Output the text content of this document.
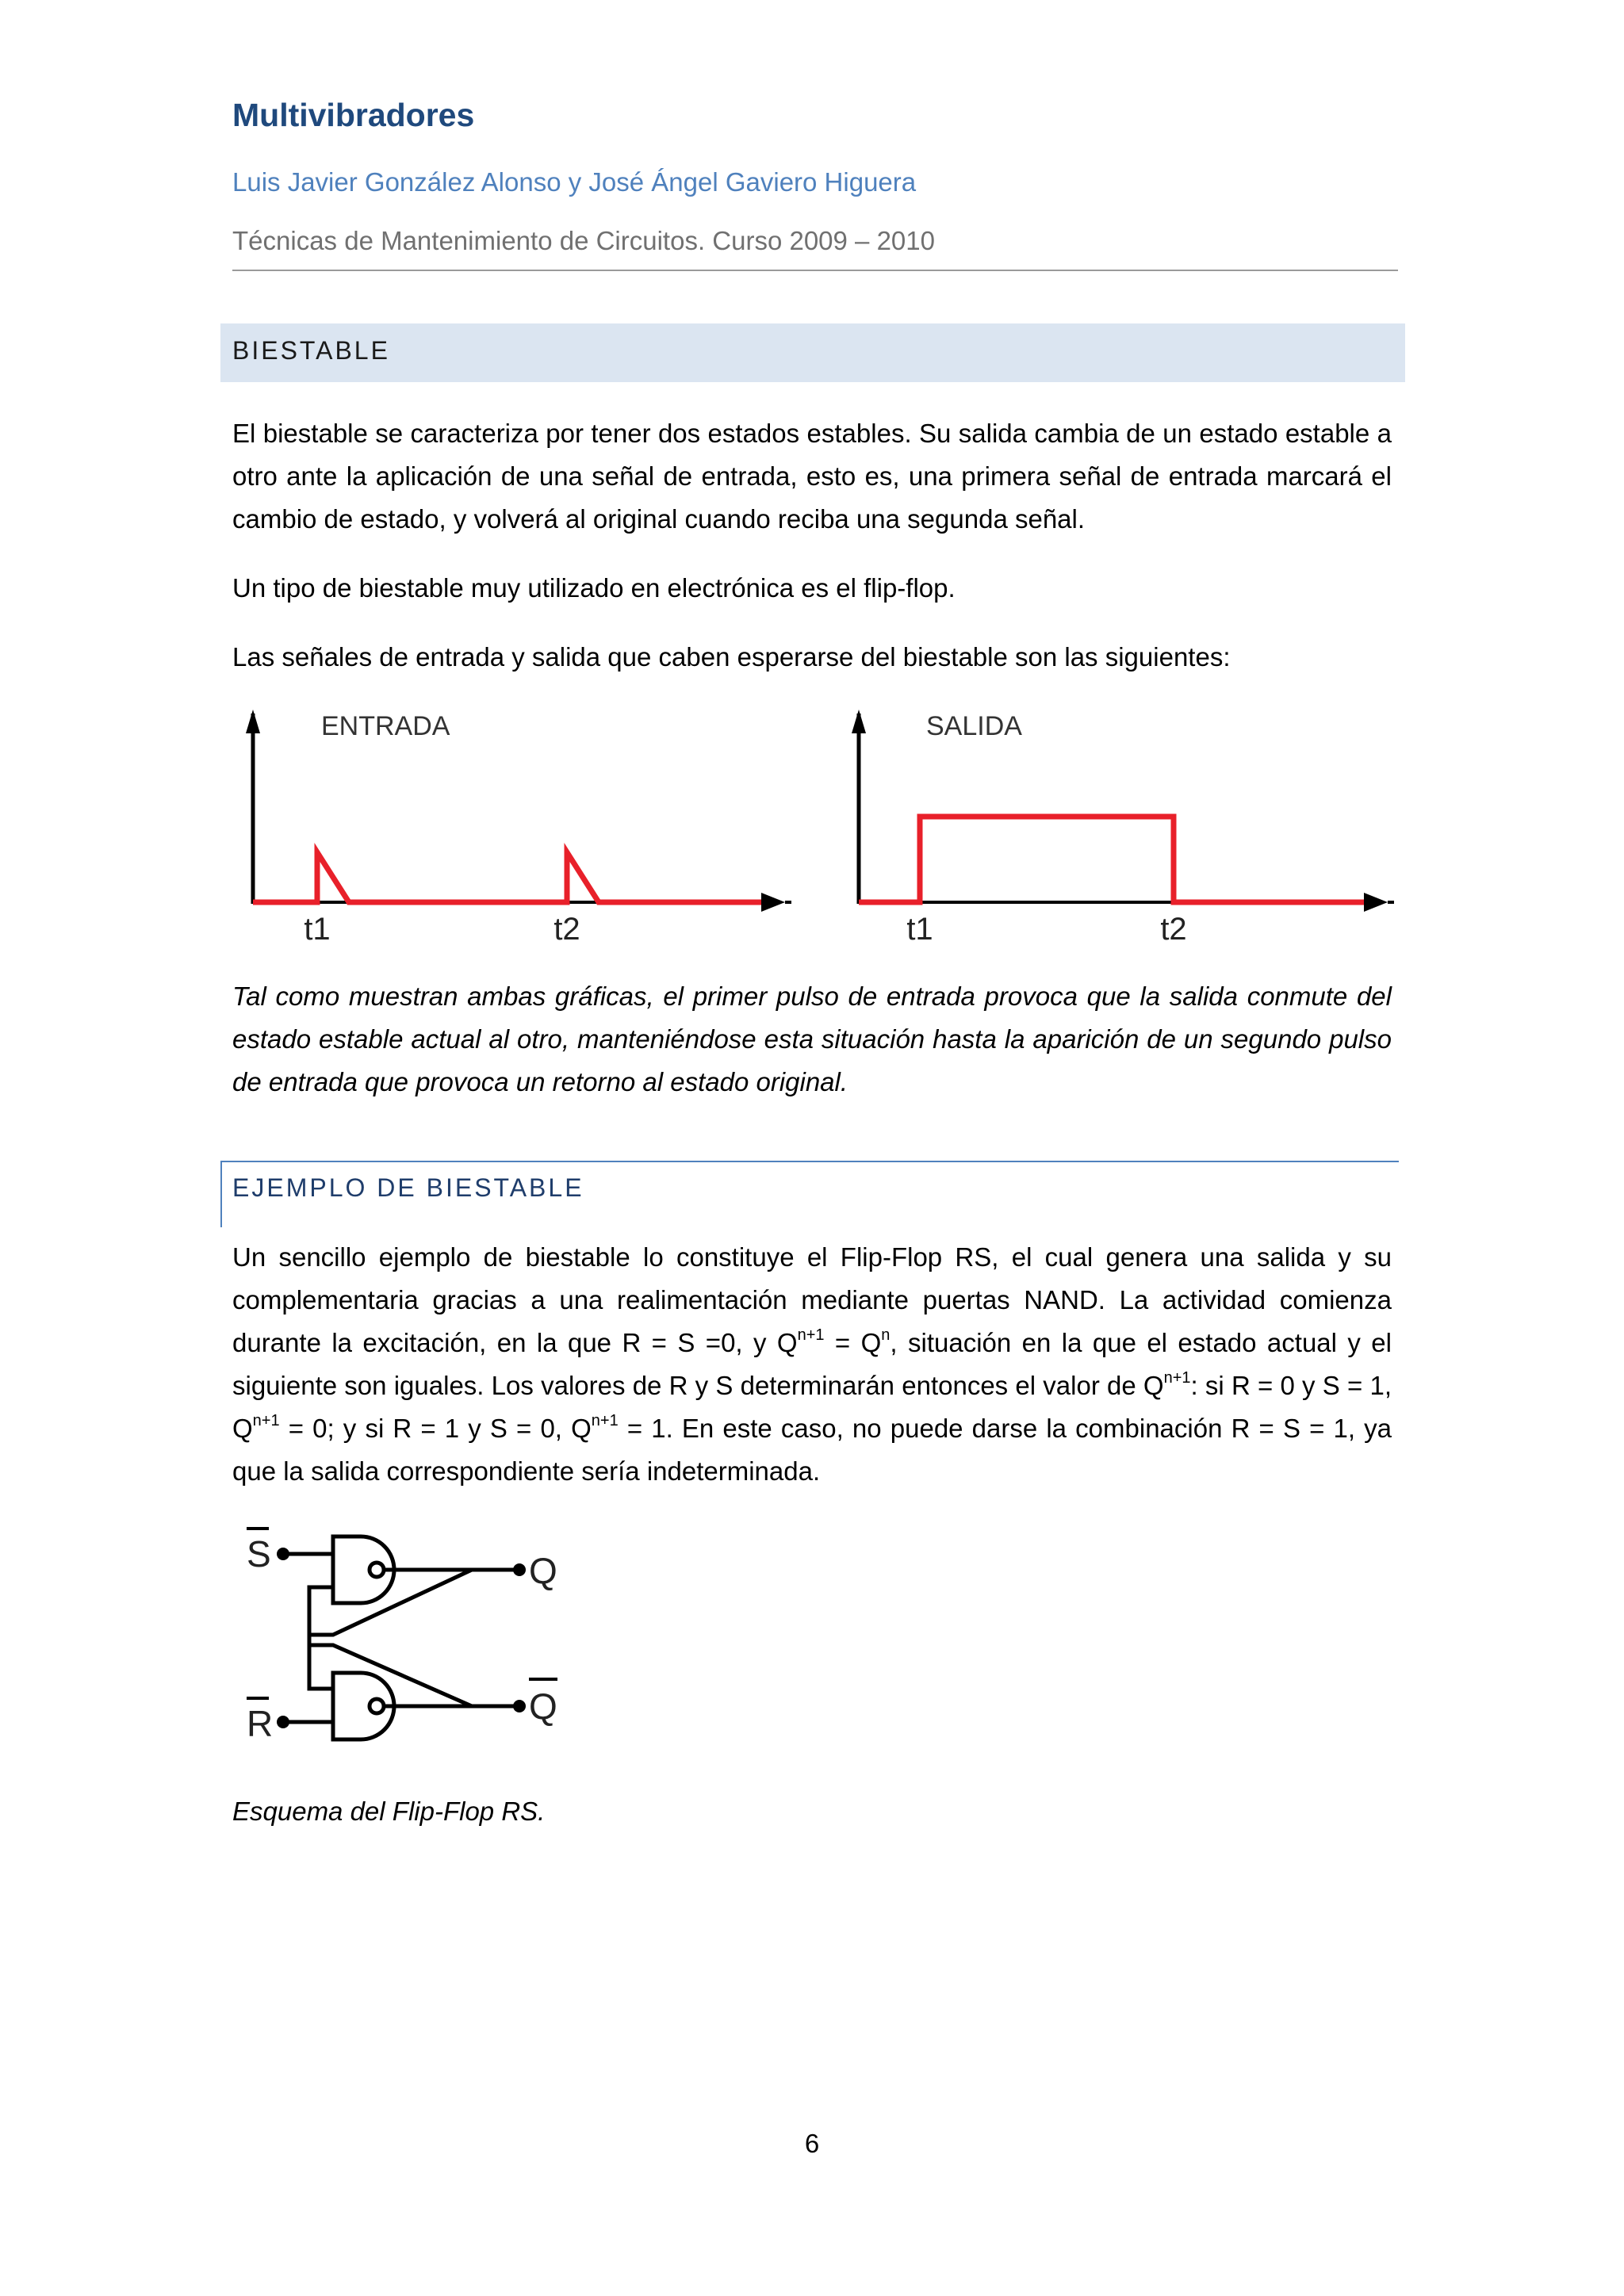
Multivibradores
Luis Javier González Alonso y José Ángel Gaviero Higuera
Técnicas de Mantenimiento de Circuitos. Curso 2009 – 2010
BIESTABLE

El biestable se caracteriza por tener dos estados estables. Su salida cambia de un estado estable a otro ante la aplicación de una señal de entrada, esto es, una primera señal de entrada marcará el cambio de estado, y volverá al original cuando reciba una segunda señal.

Un tipo de biestable muy utilizado en electrónica es el flip-flop.

Las señales de entrada y salida que caben esperarse del biestable son las siguientes:

ENTRADA
t1	t2
SALIDA
t1	t2

Tal como muestran ambas gráficas, el primer pulso de entrada provoca que la salida conmute del estado estable actual al otro, manteniéndose esta situación hasta la aparición de un segundo pulso de entrada que provoca un retorno al estado original.

EJEMPLO DE BIESTABLE

Un sencillo ejemplo de biestable lo constituye el Flip-Flop RS, el cual genera una salida y su complementaria gracias a una realimentación mediante puertas NAND. La actividad comienza durante la excitación, en la que R = S =0, y $Q^{n+1} = Q^n$, situación en la que el estado actual y el siguiente son iguales. Los valores de R y S determinarán entonces el valor de $Q^{n+1}$: si R = 0 y S = 1, $Q^{n+1} = 0$; y si R = 1 y S = 0, $Q^{n+1} = 1$. En este caso, no puede darse la combinación R = S = 1, ya que la salida correspondiente sería indeterminada.

S
R
Q
Q
Esquema del Flip-Flop RS.
6
